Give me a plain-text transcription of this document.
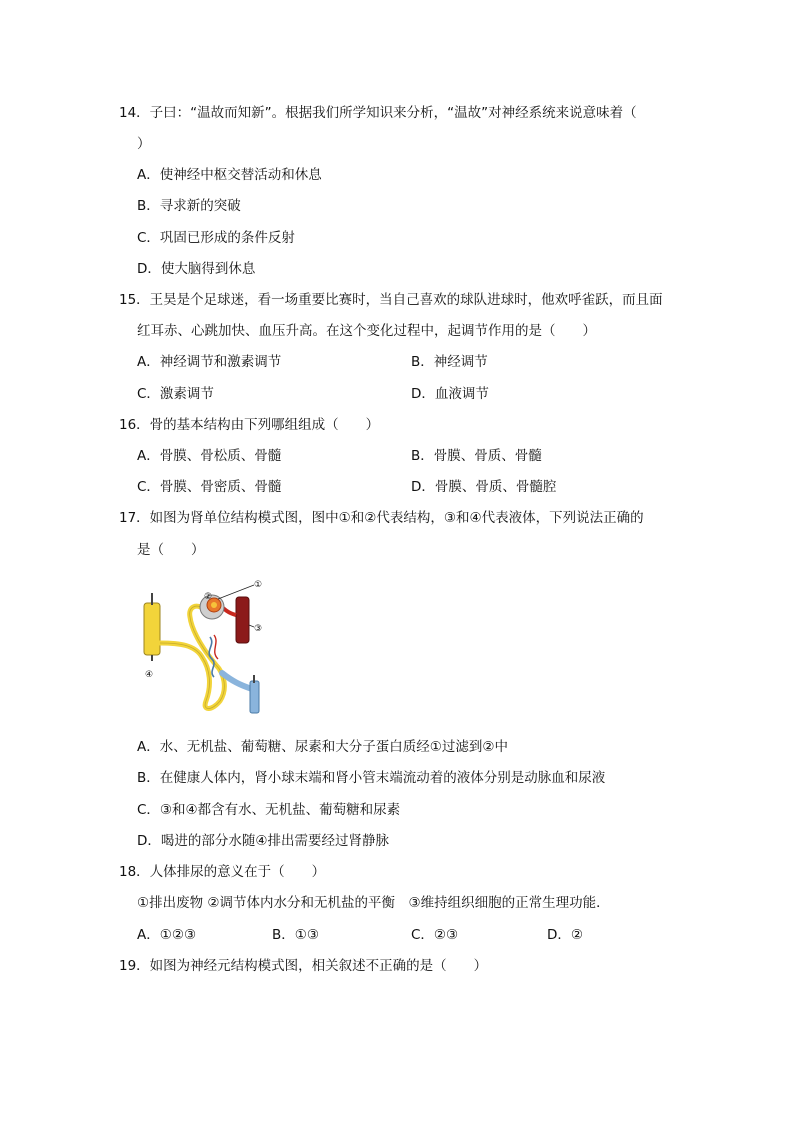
14．子曰：“温故而知新”。根据我们所学知识来分析，“温故”对神经系统来说意味着（
）
A．使神经中枢交替活动和休息
B．寻求新的突破
C．巩固已形成的条件反射
D．使大脑得到休息
15．王昊是个足球迷，看一场重要比赛时，当自己喜欢的球队进球时，他欢呼雀跃，而且面
红耳赤、心跳加快、血压升高。在这个变化过程中，起调节作用的是（　　）
A．神经调节和激素调节	B．神经调节
C．激素调节	D．血液调节
16．骨的基本结构由下列哪组组成（　　）
A．骨膜、骨松质、骨髓	B．骨膜、骨质、骨髓
C．骨膜、骨密质、骨髓	D．骨膜、骨质、骨髓腔
17．如图为肾单位结构模式图，图中①和②代表结构，③和④代表液体，下列说法正确的
是（　　）
①
②
③
④
A．水、无机盐、葡萄糖、尿素和大分子蛋白质经①过滤到②中
B．在健康人体内，肾小球末端和肾小管末端流动着的液体分别是动脉血和尿液
C．③和④都含有水、无机盐、葡萄糖和尿素
D．喝进的部分水随④排出需要经过肾静脉
18．人体排尿的意义在于（　　）
①排出废物 ②调节体内水分和无机盐的平衡　③维持组织细胞的正常生理功能．
A．①②③	B．①③	C．②③	D．②
19．如图为神经元结构模式图，相关叙述不正确的是（　　）
